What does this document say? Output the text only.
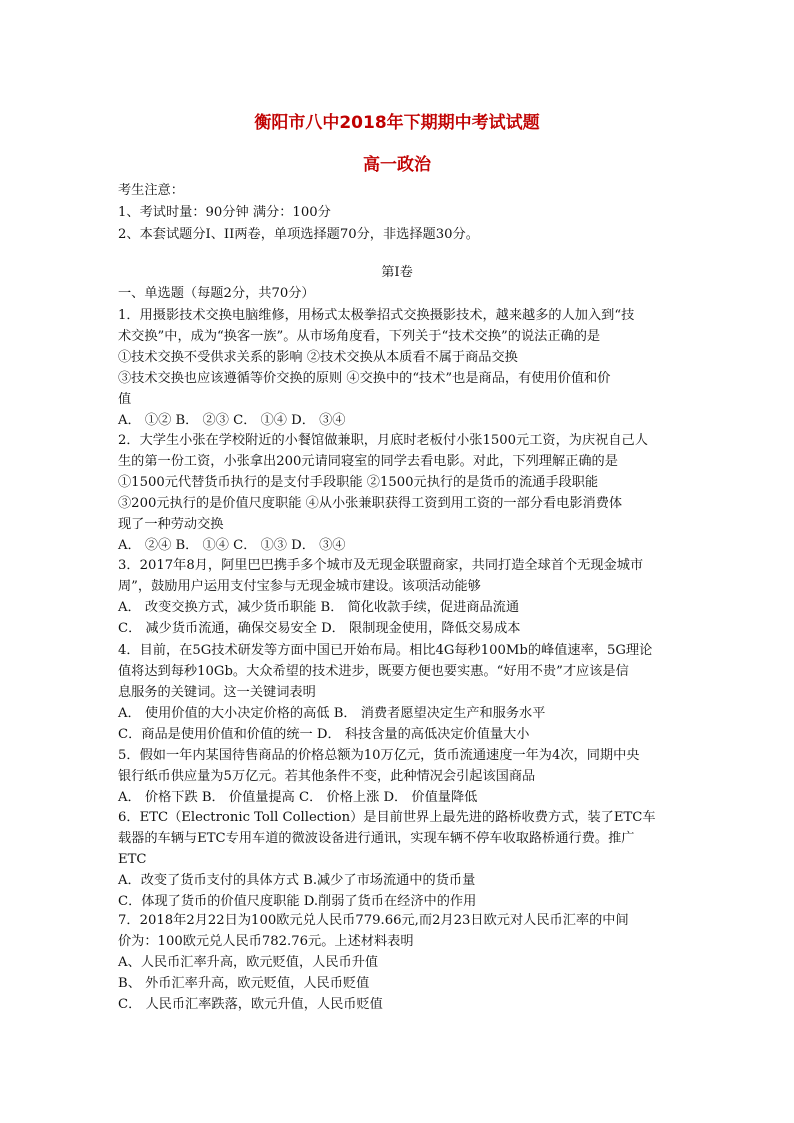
衡阳市八中2018年下期期中考试试题
高一政治
考生注意：
1、考试时量：90分钟 满分：100分
2、本套试题分Ⅰ、II两卷，单项选择题70分，非选择题30分。
第Ⅰ卷
一、单选题（每题2分，共70分）
1．用摄影技术交换电脑维修，用杨式太极拳招式交换摄影技术，越来越多的人加入到“技
术交换”中，成为“换客一族”。从市场角度看，下列关于“技术交换”的说法正确的是
①技术交换不受供求关系的影响 ②技术交换从本质看不属于商品交换
③技术交换也应该遵循等价交换的原则 ④交换中的“技术”也是商品，有使用价值和价
值
A． ①② B． ②③ C． ①④ D． ③④
2．大学生小张在学校附近的小餐馆做兼职，月底时老板付小张1500元工资，为庆祝自己人
生的第一份工资，小张拿出200元请同寝室的同学去看电影。对此，下列理解正确的是
①1500元代替货币执行的是支付手段职能 ②1500元执行的是货币的流通手段职能
③200元执行的是价值尺度职能 ④从小张兼职获得工资到用工资的一部分看电影消费体
现了一种劳动交换
A． ②④ B． ①④ C． ①③ D． ③④
3．2017年8月，阿里巴巴携手多个城市及无现金联盟商家，共同打造全球首个无现金城市
周”，鼓励用户运用支付宝参与无现金城市建设。该项活动能够
A． 改变交换方式，减少货币职能 B． 简化收款手续，促进商品流通
C． 减少货币流通，确保交易安全 D． 限制现金使用，降低交易成本
4．目前，在5G技术研发等方面中国已开始布局。相比4G每秒100Mb的峰值速率，5G理论
值将达到每秒10Gb。大众希望的技术进步，既要方便也要实惠。“好用不贵”才应该是信
息服务的关键词。这一关键词表明
A． 使用价值的大小决定价格的高低 B． 消费者愿望决定生产和服务水平
C．商品是使用价值和价值的统一 D． 科技含量的高低决定价值量大小
5．假如一年内某国待售商品的价格总额为10万亿元，货币流通速度一年为4次，同期中央
银行纸币供应量为5万亿元。若其他条件不变，此种情况会引起该国商品
A． 价格下跌 B． 价值量提高 C． 价格上涨 D． 价值量降低
6．ETC（Electronic Toll Collection）是目前世界上最先进的路桥收费方式，装了ETC车
载器的车辆与ETC专用车道的微波设备进行通讯，实现车辆不停车收取路桥通行费。推广
ETC
A．改变了货币支付的具体方式 B.减少了市场流通中的货币量
C．体现了货币的价值尺度职能 D.削弱了货币在经济中的作用
7．2018年2月22日为100欧元兑人民币779.66元,而2月23日欧元对人民币汇率的中间
价为：100欧元兑人民币782.76元。上述材料表明
A、人民币汇率升高，欧元贬值，人民币升值
B、 外币汇率升高，欧元贬值，人民币贬值
C． 人民币汇率跌落，欧元升值，人民币贬值
